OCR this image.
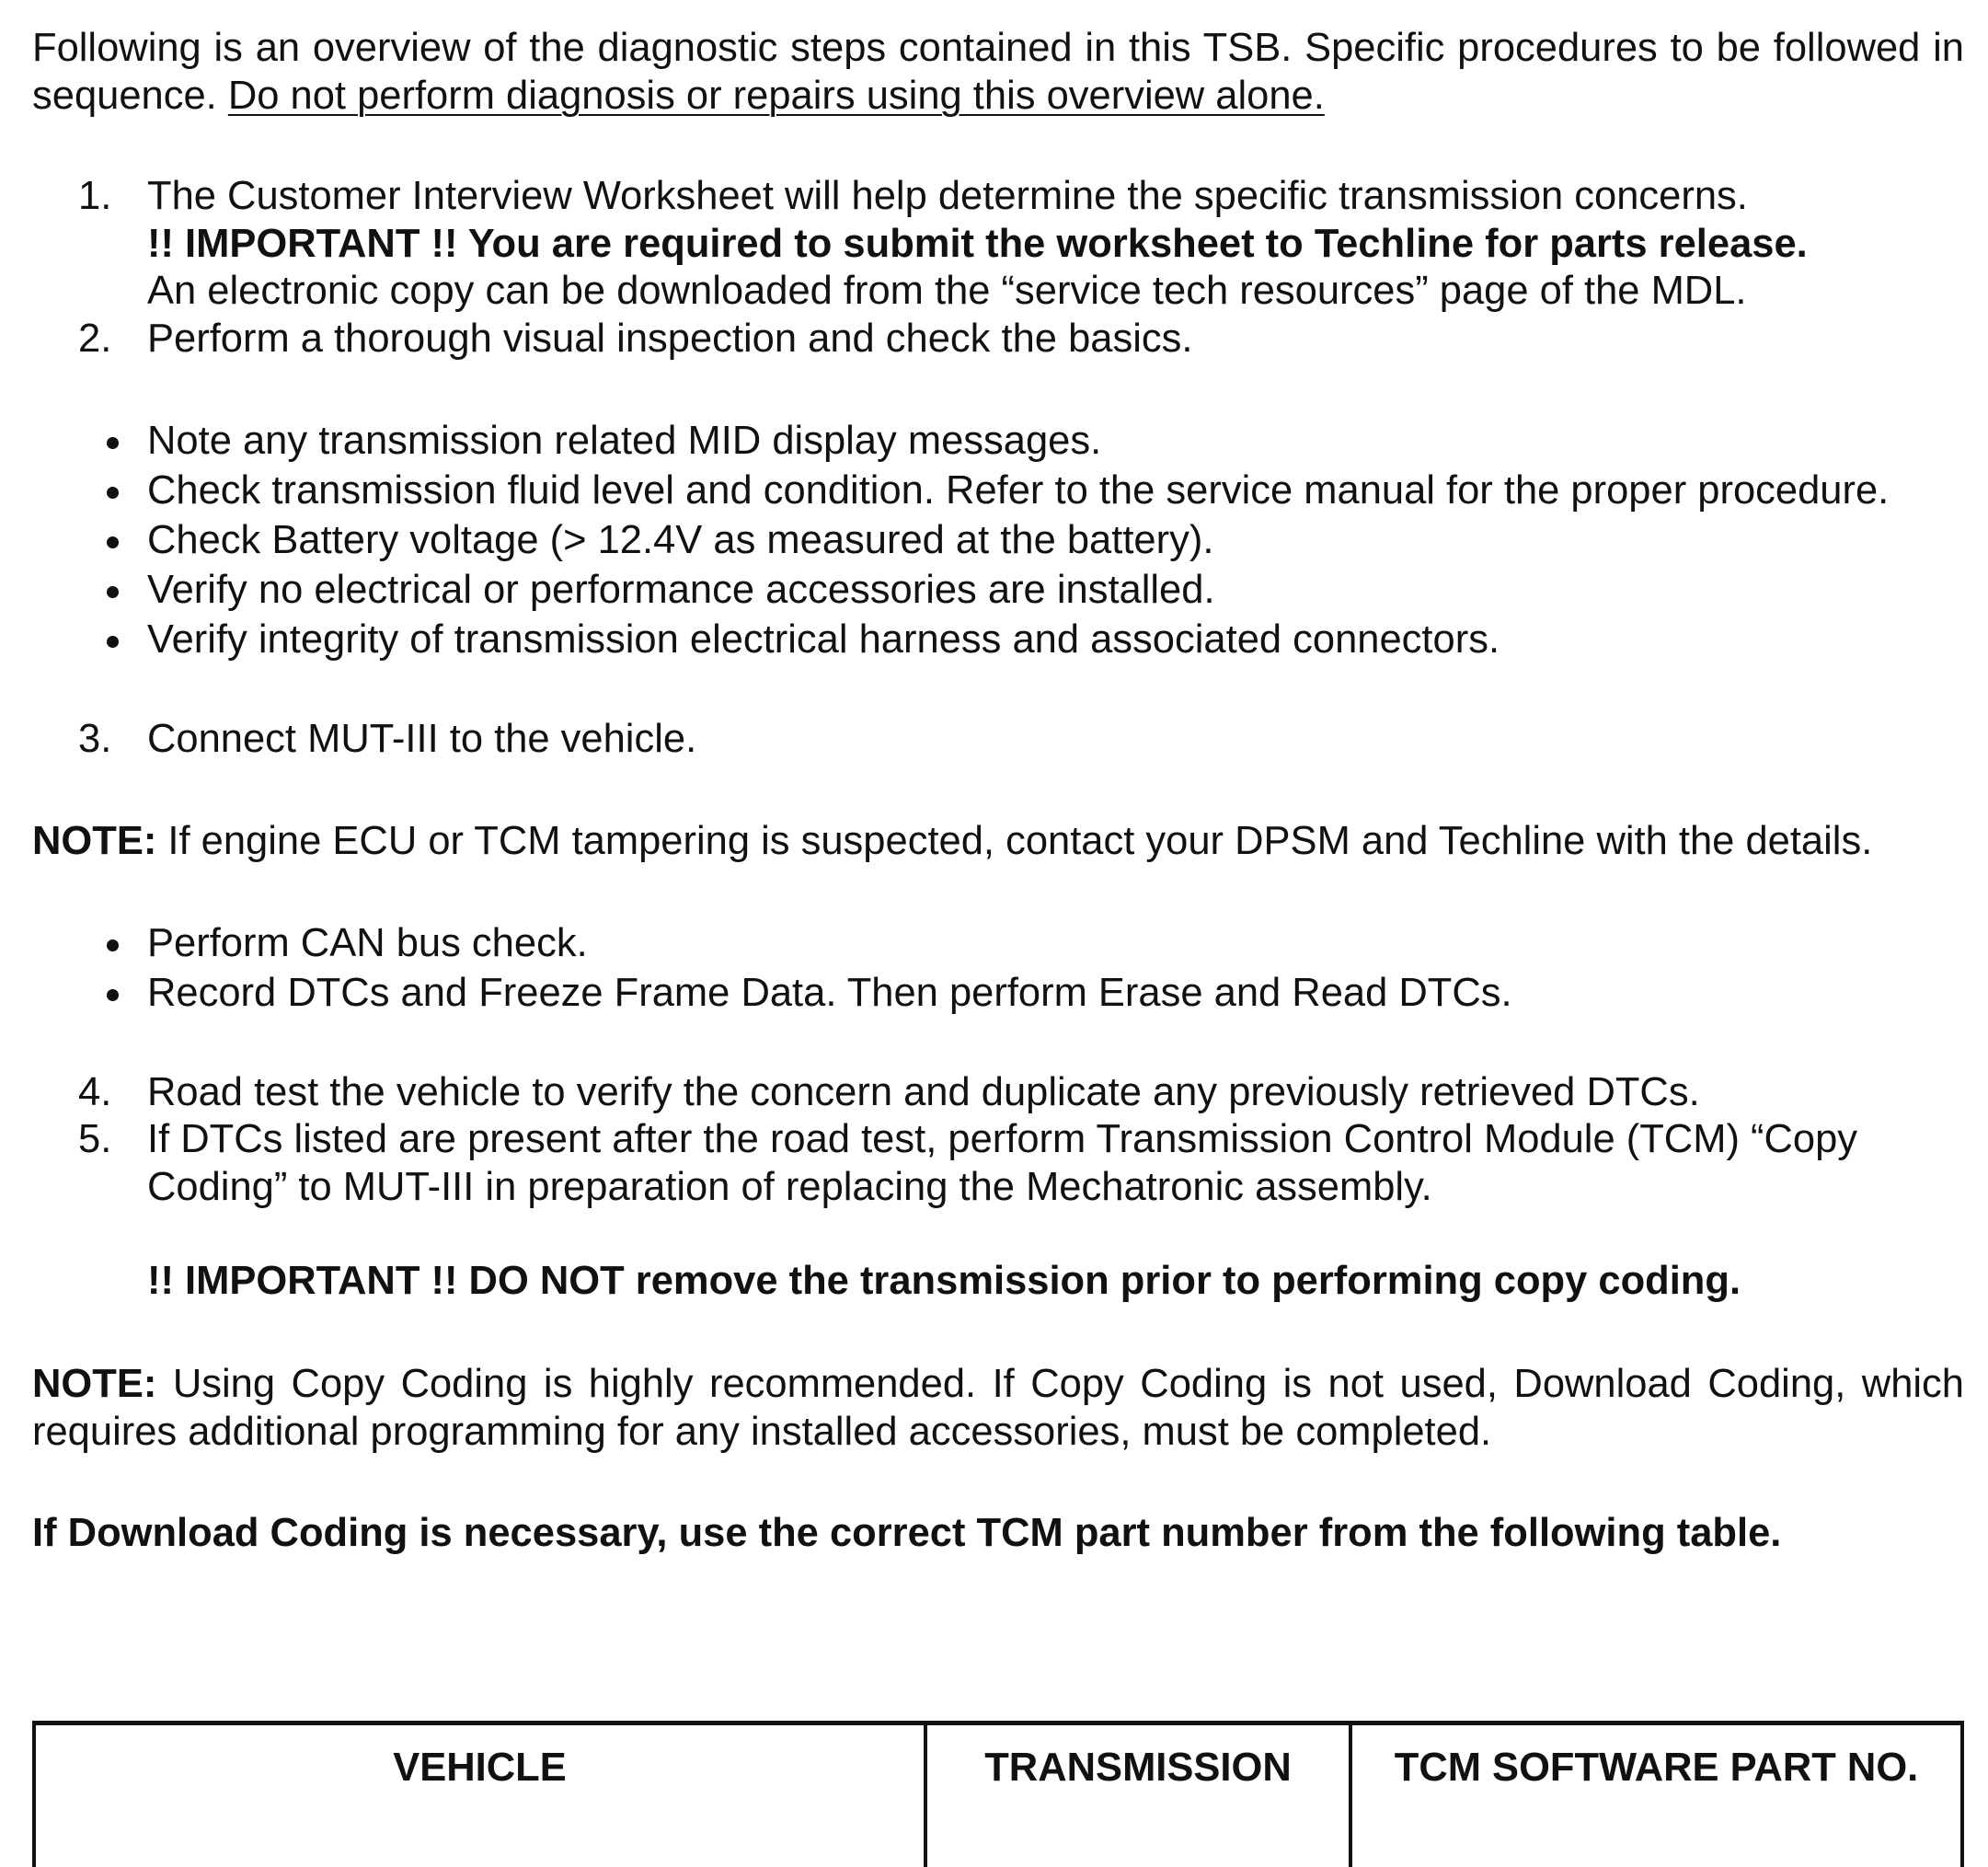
Following is an overview of the diagnostic steps contained in this TSB. Specific procedures to be followed in sequence. Do not perform diagnosis or repairs using this overview alone.

1. The Customer Interview Worksheet will help determine the specific transmission concerns.
!! IMPORTANT !! You are required to submit the worksheet to Techline for parts release.
An electronic copy can be downloaded from the “service tech resources” page of the MDL.
2. Perform a thorough visual inspection and check the basics.
Note any transmission related MID display messages.
Check transmission fluid level and condition. Refer to the service manual for the proper procedure.
Check Battery voltage (> 12.4V as measured at the battery).
Verify no electrical or performance accessories are installed.
Verify integrity of transmission electrical harness and associated connectors.
3. Connect MUT-III to the vehicle.

NOTE: If engine ECU or TCM tampering is suspected, contact your DPSM and Techline with the details.

Perform CAN bus check.
Record DTCs and Freeze Frame Data. Then perform Erase and Read DTCs.
4. Road test the vehicle to verify the concern and duplicate any previously retrieved DTCs.
5. If DTCs listed are present after the road test, perform Transmission Control Module (TCM) “Copy Coding” to MUT-III in preparation of replacing the Mechatronic assembly.
!! IMPORTANT !! DO NOT remove the transmission prior to performing copy coding.

NOTE: Using Copy Coding is highly recommended. If Copy Coding is not used, Download Coding, which requires additional programming for any installed accessories, must be completed.

If Download Coding is necessary, use the correct TCM part number from the following table.

VEHICLE	TRANSMISSION	TCM SOFTWARE PART NO.
